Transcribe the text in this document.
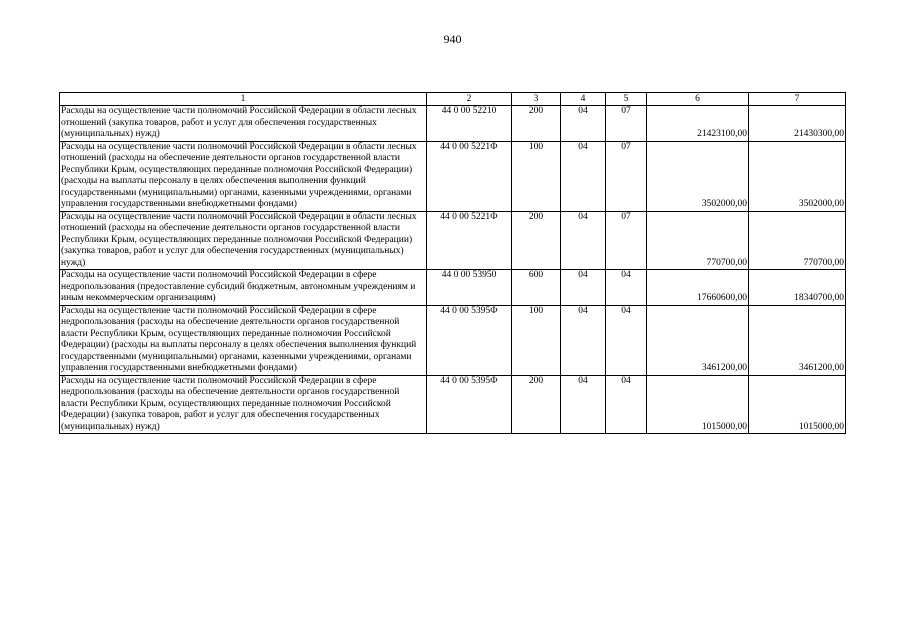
940
1	2	3	4	5	6	7
Расходы на осуществление части полномочий Российской Федерации в области лесных отношений (закупка товаров, работ и услуг для обеспечения государственных (муниципальных) нужд)	44 0 00 52210	200	04	07	21423100,00	21430300,00
Расходы на осуществление части полномочий Российской Федерации в области лесных отношений (расходы на обеспечение деятельности органов государственной власти Республики Крым, осуществляющих переданные полномочия Российской Федерации) (расходы на выплаты персоналу в целях обеспечения выполнения функций государственными (муниципальными) органами, казенными учреждениями, органами управления государственными внебюджетными фондами)	44 0 00 5221Ф	100	04	07	3502000,00	3502000,00
Расходы на осуществление части полномочий Российской Федерации в области лесных отношений (расходы на обеспечение деятельности органов государственной власти Республики Крым, осуществляющих переданные полномочия Российской Федерации) (закупка товаров, работ и услуг для обеспечения государственных (муниципальных) нужд)	44 0 00 5221Ф	200	04	07	770700,00	770700,00
Расходы на осуществление части полномочий Российской Федерации в сфере недропользования (предоставление субсидий бюджетным, автономным учреждениям и иным некоммерческим организациям)	44 0 00 53950	600	04	04	17660600,00	18340700,00
Расходы на осуществление части полномочий Российской Федерации в сфере недропользования (расходы на обеспечение деятельности органов государственной власти Республики Крым, осуществляющих переданные полномочия Российской Федерации) (расходы на выплаты персоналу в целях обеспечения выполнения функций государственными (муниципальными) органами, казенными учреждениями, органами управления государственными внебюджетными фондами)	44 0 00 5395Ф	100	04	04	3461200,00	3461200,00
Расходы на осуществление части полномочий Российской Федерации в сфере недропользования (расходы на обеспечение деятельности органов государственной власти Республики Крым, осуществляющих переданные полномочия Российской Федерации) (закупка товаров, работ и услуг для обеспечения государственных (муниципальных) нужд)	44 0 00 5395Ф	200	04	04	1015000,00	1015000,00
